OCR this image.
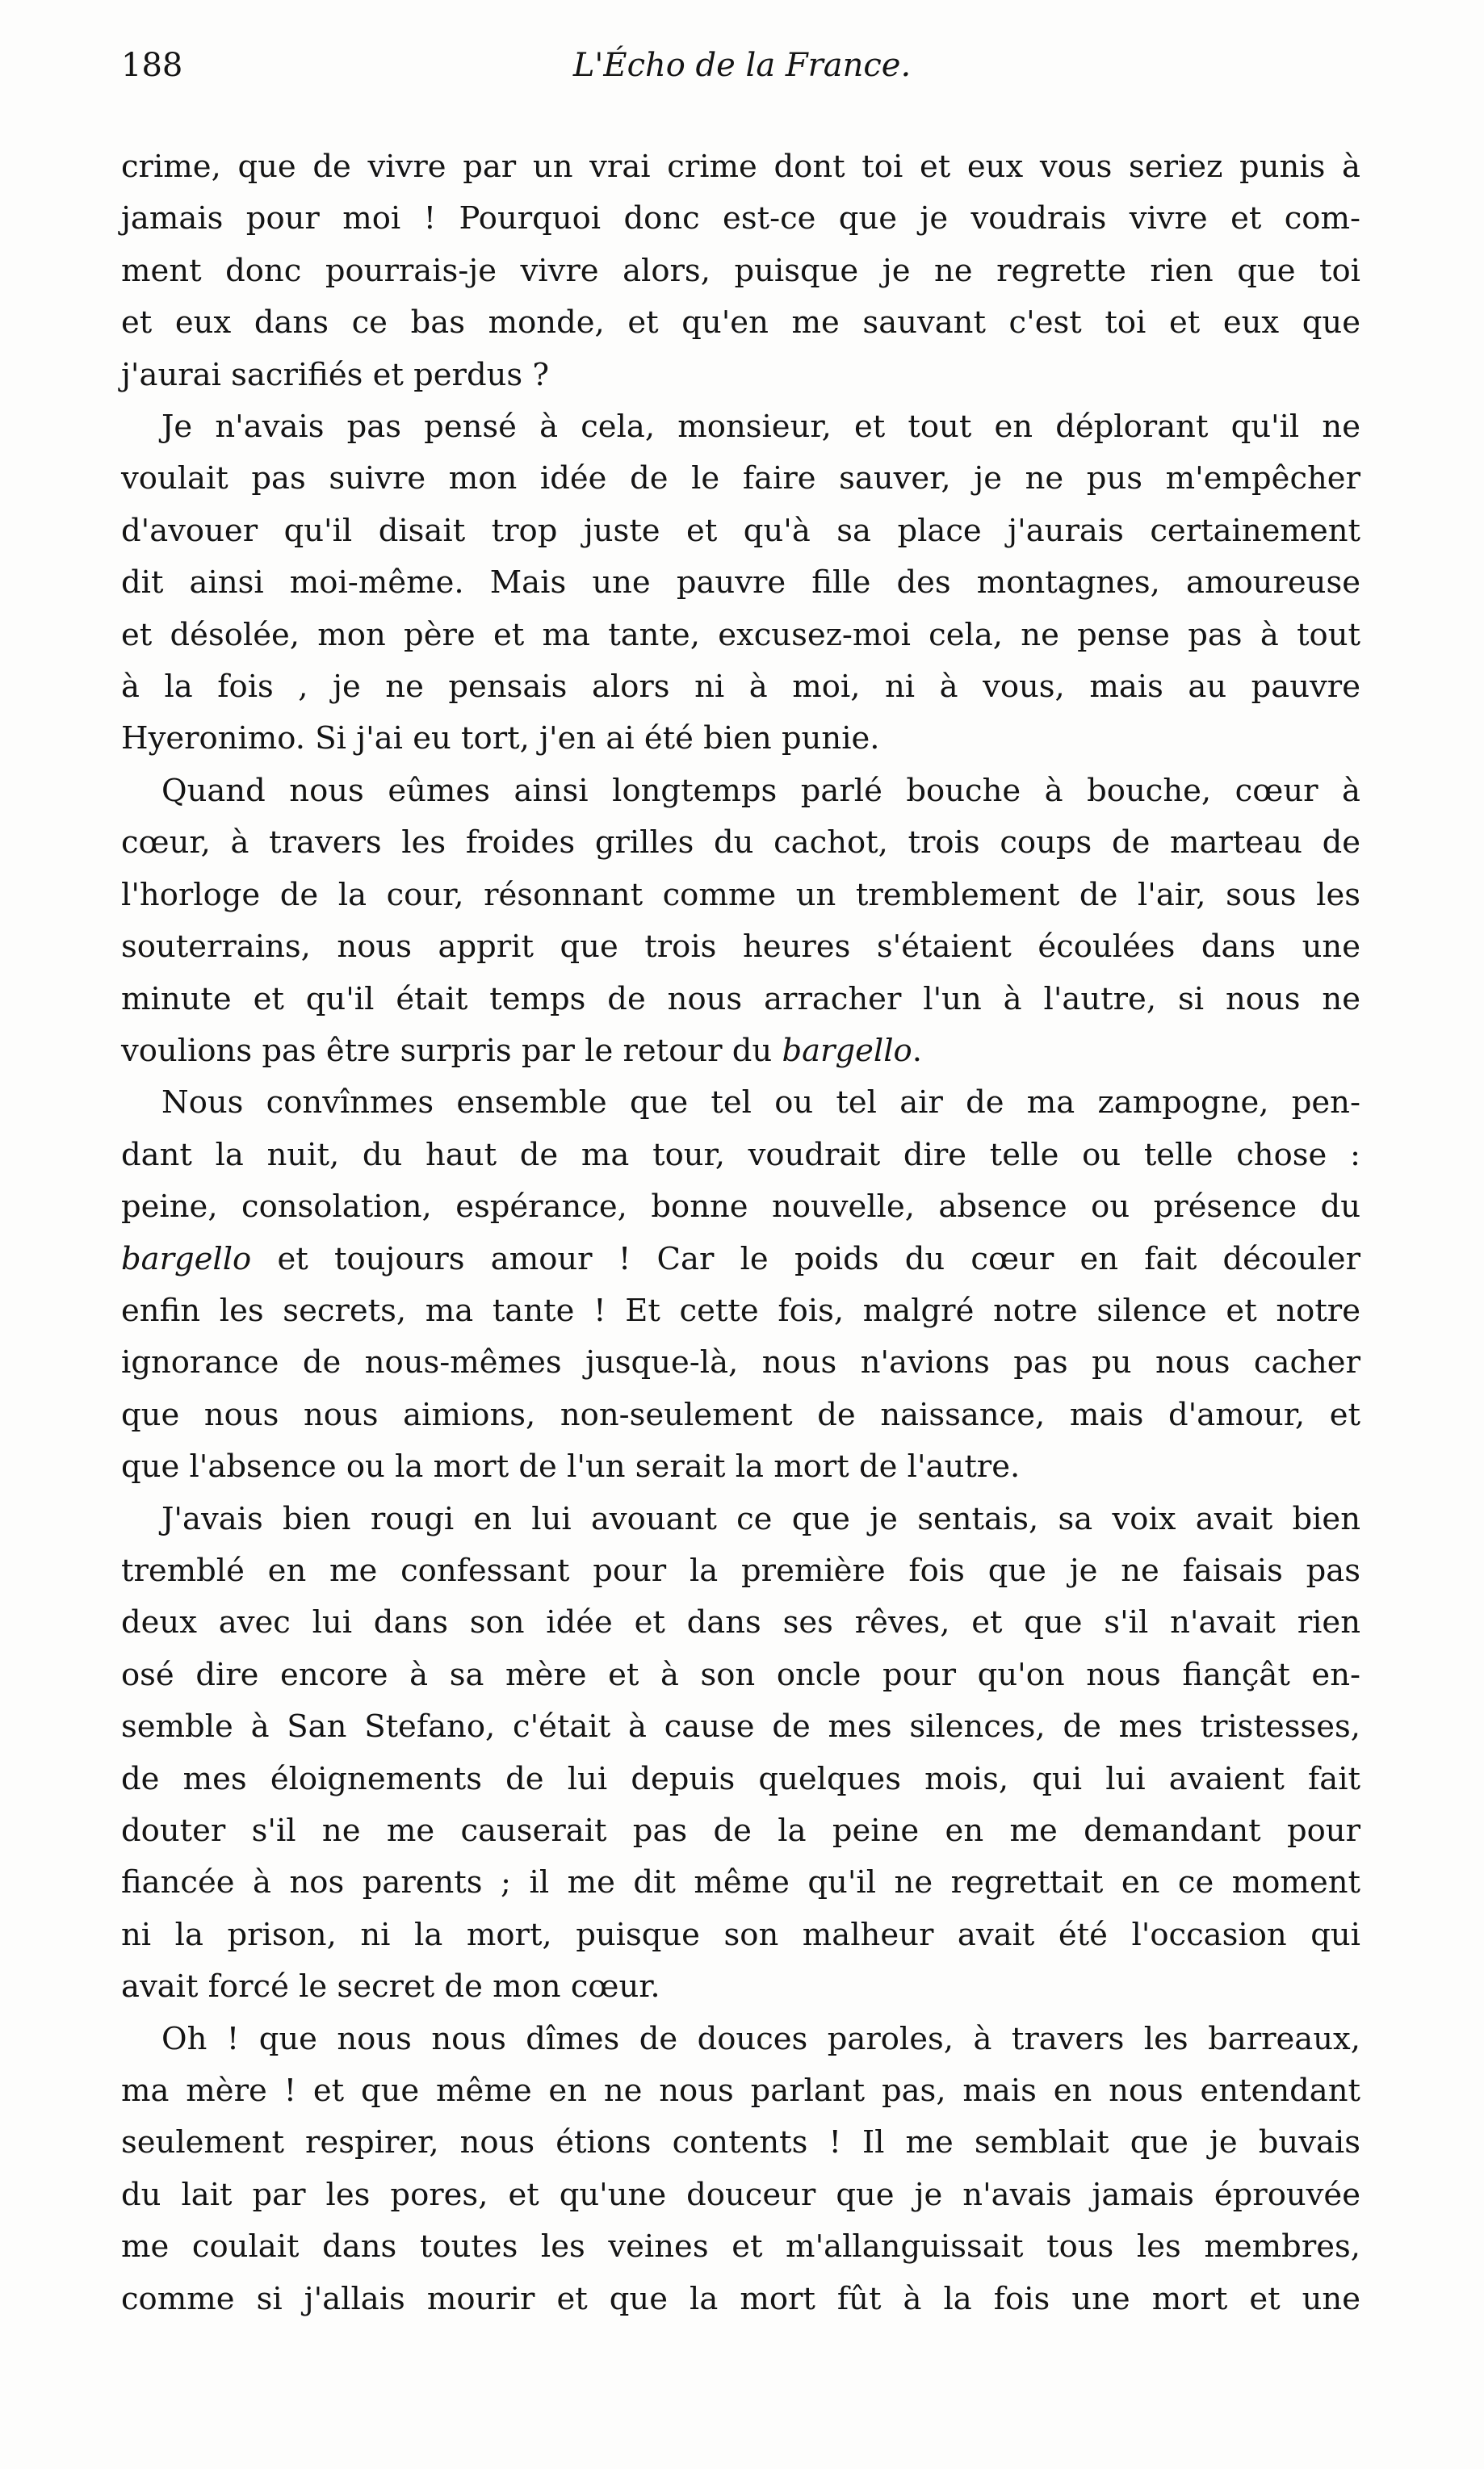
188	L'Écho de la France.

crime, que de vivre par un vrai crime dont toi et eux vous seriez punis à

jamais pour moi ! Pourquoi donc est-ce que je voudrais vivre et com-

ment donc pourrais-je vivre alors, puisque je ne regrette rien que toi

et eux dans ce bas monde, et qu'en me sauvant c'est toi et eux que

j'aurai sacrifiés et perdus ?

Je n'avais pas pensé à cela, monsieur, et tout en déplorant qu'il ne

voulait pas suivre mon idée de le faire sauver, je ne pus m'empêcher

d'avouer qu'il disait trop juste et qu'à sa place j'aurais certainement

dit ainsi moi-même. Mais une pauvre fille des montagnes, amoureuse

et désolée, mon père et ma tante, excusez-moi cela, ne pense pas à tout

à la fois , je ne pensais alors ni à moi, ni à vous, mais au pauvre

Hyeronimo. Si j'ai eu tort, j'en ai été bien punie.

Quand nous eûmes ainsi longtemps parlé bouche à bouche, cœur à

cœur, à travers les froides grilles du cachot, trois coups de marteau de

l'horloge de la cour, résonnant comme un tremblement de l'air, sous les

souterrains, nous apprit que trois heures s'étaient écoulées dans une

minute et qu'il était temps de nous arracher l'un à l'autre, si nous ne

voulions pas être surpris par le retour du bargello.

Nous convînmes ensemble que tel ou tel air de ma zampogne, pen-

dant la nuit, du haut de ma tour, voudrait dire telle ou telle chose :

peine, consolation, espérance, bonne nouvelle, absence ou présence du

bargello et toujours amour ! Car le poids du cœur en fait découler

enfin les secrets, ma tante ! Et cette fois, malgré notre silence et notre

ignorance de nous-mêmes jusque-là, nous n'avions pas pu nous cacher

que nous nous aimions, non-seulement de naissance, mais d'amour, et

que l'absence ou la mort de l'un serait la mort de l'autre.

J'avais bien rougi en lui avouant ce que je sentais, sa voix avait bien

tremblé en me confessant pour la première fois que je ne faisais pas

deux avec lui dans son idée et dans ses rêves, et que s'il n'avait rien

osé dire encore à sa mère et à son oncle pour qu'on nous fiançât en-

semble à San Stefano, c'était à cause de mes silences, de mes tristesses,

de mes éloignements de lui depuis quelques mois, qui lui avaient fait

douter s'il ne me causerait pas de la peine en me demandant pour

fiancée à nos parents ; il me dit même qu'il ne regrettait en ce moment

ni la prison, ni la mort, puisque son malheur avait été l'occasion qui

avait forcé le secret de mon cœur.

Oh ! que nous nous dîmes de douces paroles, à travers les barreaux,

ma mère ! et que même en ne nous parlant pas, mais en nous entendant

seulement respirer, nous étions contents ! Il me semblait que je buvais

du lait par les pores, et qu'une douceur que je n'avais jamais éprouvée

me coulait dans toutes les veines et m'allanguissait tous les membres,

comme si j'allais mourir et que la mort fût à la fois une mort et une
